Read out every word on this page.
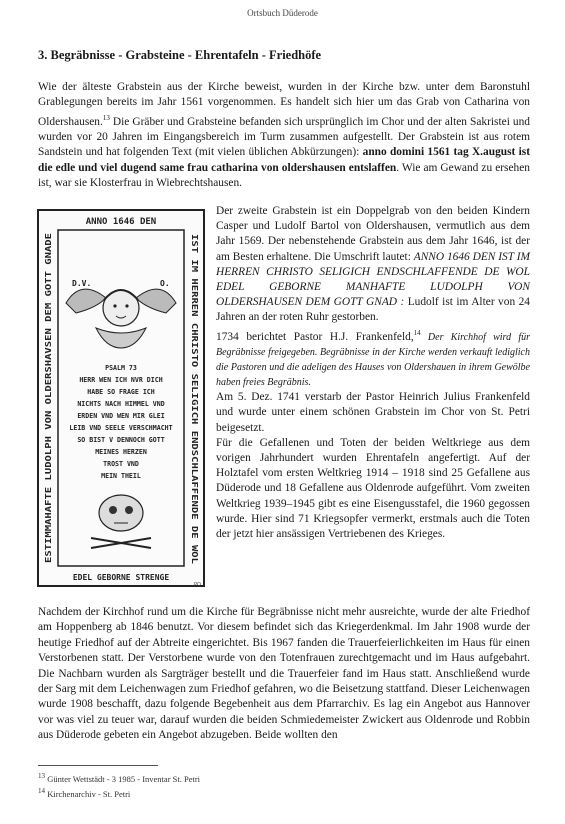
Ortsbuch Düderode
3. Begräbnisse - Grabsteine - Ehrentafeln - Friedhöfe

Wie der älteste Grabstein aus der Kirche beweist, wurden in der Kirche bzw. unter dem Baronstuhl Grablegungen bereits im Jahr 1561 vorgenommen. Es handelt sich hier um das Grab von Catharina von Oldershausen.$^{13}$ Die Gräber und Grabsteine befanden sich ursprünglich im Chor und der alten Sakristei und wurden vor 20 Jahren im Eingangsbereich im Turm zusammen aufgestellt. Der Grabstein ist aus rotem Sandstein und hat folgenden Text (mit vielen üblichen Abkürzungen): anno domini 1561 tag X.august ist die edle und viel dugend same frau catharina von oldershausen entslaffen. Wie am Gewand zu ersehen ist, war sie Klosterfrau in Wiebrechtshausen.

ANNO 1646 DEN
ESTIMMAHAFTE LUDOLPH VON OLDERSHAVSEN DEM GOTT GNADE	IST IM HERREN CHRISTO SELIGICH ENDSCHLAFFENDE DE WOL
EDEL GEBORNE STRENGE
D.V.	O.
PSALM 73
HERR WEN ICH NVR DICH
HABE SO FRAGE ICH
NICHTS NACH HIMMEL VND
ERDEN VND WEN MIR GLEI
LEIB VND SEELE VERSCHMACHT
SO BIST V DENNOCH GOTT
MEINES HERZEN
TROST VND
MEIN THEIL
PO

Der zweite Grabstein ist ein Doppelgrab von den beiden Kindern Casper und Ludolf Bartol von Oldershausen, vermutlich aus dem Jahr 1569. Der nebenstehende Grabstein aus dem Jahr 1646, ist der am Besten erhaltene. Die Umschrift lautet: ANNO 1646 DEN IST IM HERREN CHRISTO SELIGICH ENDSCHLAFFENDE DE WOL EDEL GEBORNE MANHAFTE LUDOLPH VON OLDERSHAUSEN DEM GOTT GNAD : Ludolf ist im Alter von 24 Jahren an der roten Ruhr gestorben.

1734 berichtet Pastor H.J. Frankenfeld,$^{14}$ Der Kirchhof wird für Begräbnisse freigegeben. Begräbnisse in der Kirche werden verkauft lediglich die Pastoren und die adeligen des Hauses von Oldershauen in ihrem Gewölbe haben freies Begräbnis.

Am 5. Dez. 1741 verstarb der Pastor Heinrich Julius Frankenfeld und wurde unter einem schönen Grabstein im Chor von St. Petri beigesetzt.

Für die Gefallenen und Toten der beiden Weltkriege aus dem vorigen Jahrhundert wurden Ehrentafeln angefertigt. Auf der Holztafel vom ersten Weltkrieg 1914 – 1918 sind 25 Gefallene aus Düderode und 18 Gefallene aus Oldenrode aufgeführt. Vom zweiten Weltkrieg 1939–1945 gibt es eine Eisengusstafel, die 1960 gegossen wurde. Hier sind 71 Kriegsopfer vermerkt, erstmals auch die Toten der jetzt hier ansässigen Vertriebenen des Krieges.

Nachdem der Kirchhof rund um die Kirche für Begräbnisse nicht mehr ausreichte, wurde der alte Friedhof am Hoppenberg ab 1846 benutzt. Vor diesem befindet sich das Kriegerdenkmal. Im Jahr 1908 wurde der heutige Friedhof auf der Abtreite eingerichtet. Bis 1967 fanden die Trauerfeierlichkeiten im Haus für einen Verstorbenen statt. Der Verstorbene wurde von den Totenfrauen zurechtgemacht und im Haus aufgebahrt. Die Nachbarn wurden als Sargträger bestellt und die Trauerfeier fand im Haus statt. Anschließend wurde der Sarg mit dem Leichenwagen zum Friedhof gefahren, wo die Beisetzung stattfand. Dieser Leichenwagen wurde 1908 beschafft, dazu folgende Begebenheit aus dem Pfarrarchiv. Es lag ein Angebot aus Hannover vor was viel zu teuer war, darauf wurden die beiden Schmiedemeister Zwickert aus Oldenrode und Robbin aus Düderode gebeten ein Angebot abzugeben. Beide wollten den

$^{13}$ Günter Wettstädt - 3 1985 - Inventar St. Petri
$^{14}$ Kirchenarchiv - St. Petri
